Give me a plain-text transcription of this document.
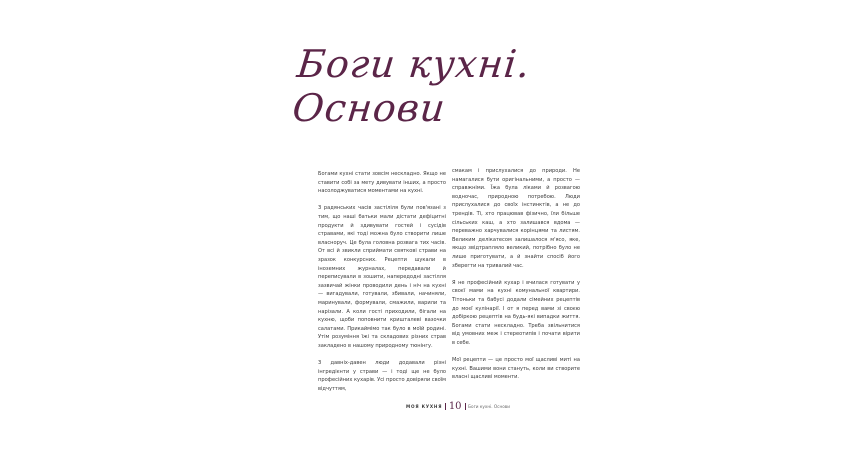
Боги кухні.
Основи

Богами кухні стати зовсім нескладно. Якщо не ставити собі за мету дивувати інших, а просто насолоджуватися моментами на кухні.

З радянських часів застіліля були пов'язані з тим, що наші батьки мали дістати дефіцитні продукти й здивувати гостей і сусідів стравами, які тоді можна було створити лише власноруч. Це була головна розвага тих часів. От всі й звикли сприймати святкові страви на зразок конкурсних. Рецепти шукали в іноземних журналах, передавали й переписували в зошити, напередодні застілля зазвичай жінки проводили день і ніч на кухні — вигадували, готували, збивали, начиняли, маринували, формували, смажили, варили та нарізали. А коли гості приходили, бігали на кухню, щоби поповнити кришталеві вазочки салатами. Прикаймімо так було в моїй родині. Утім розуміння їжі та складових різних страв закладено в нашому природному тюнінгу.

З давніх-давен люди додавали різні інгредієнти у страви — і тоді ще не було професійних кухарів. Усі просто довіряли своїм відчуттям,

смакам і прислухалися до природи. Не намагалися бути оригінальними, а просто — справжніми. Їжа була ліками й розвагою водночас, природною потребою. Люди прислухалися до своїх інстинктів, а не до трендів. Ті, хто працював фізично, їли більше сільських каш, а хто залишався вдома — переважно харчувалися корінцями та листям. Великим делікатесом залишалося м'ясо, яке, якщо звідтрапляло великий, потрібно було не лише приготувати, а й знайти спосіб його зберегти на тривалий час.

Я не професійний кухар і вчилася готувати у своєї мами на кухні комунальної квартири. Тітоньки та бабусі додали сімейних рецептів до моєї кулінарії. І от я перед вами зі своєю добіркою рецептів на будь-які випадки життя. Богами стати нескладно. Треба звільнитися від умовних меж і стереотипів і почати вірити в себе.

Мої рецепти — це просто мої щасливі миті на кухні. Вашими вони стануть, коли ви створите власні щасливі моменти.

МОЯ КУХНЯ 10 Боги кухні. Основи
